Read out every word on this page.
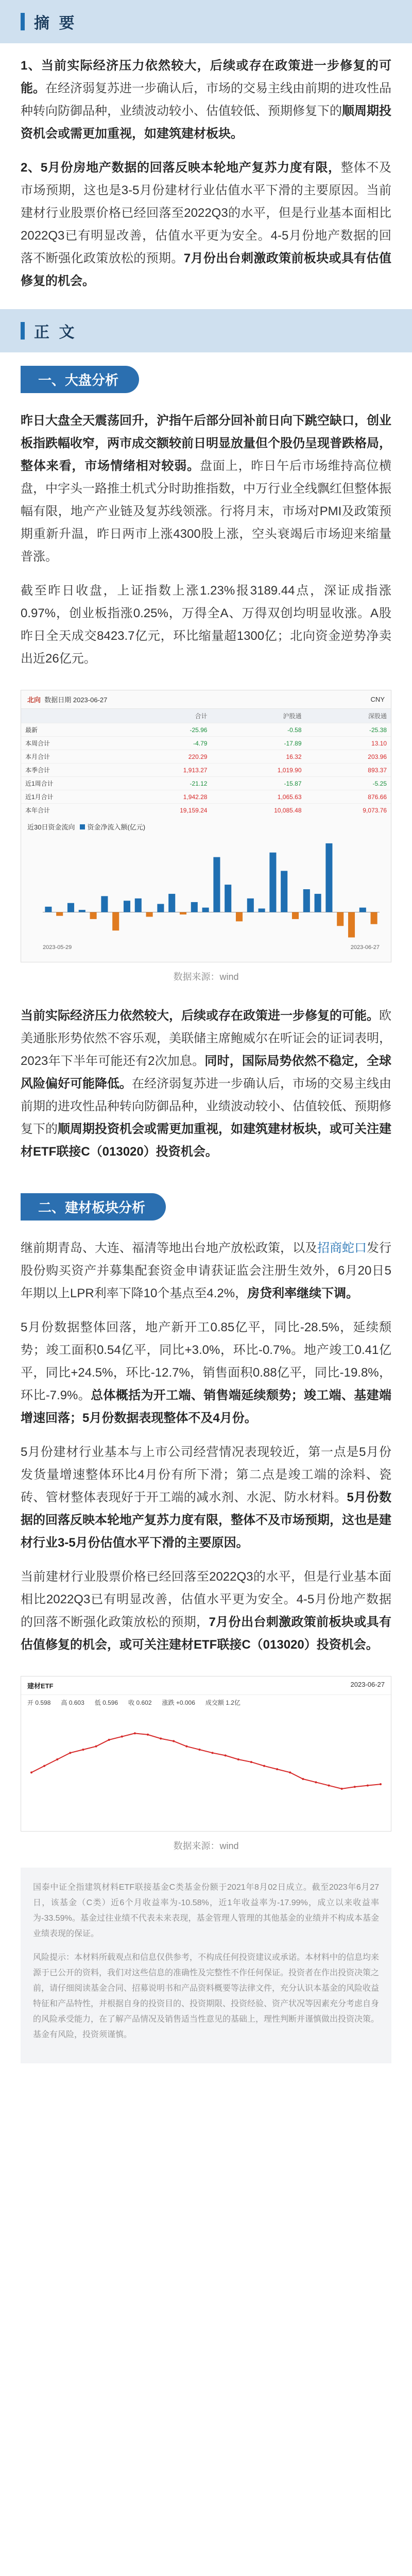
摘 要

1、当前实际经济压力依然较大，后续或存在政策进一步修复的可能。在经济弱复苏进一步确认后，市场的交易主线由前期的进攻性品种转向防御品种，业绩波动较小、估值较低、预期修复下的顺周期投资机会或需更加重视，如建筑建材板块。

2、5月份房地产数据的回落反映本轮地产复苏力度有限，整体不及市场预期，这也是3-5月份建材行业估值水平下滑的主要原因。当前建材行业股票价格已经回落至2022Q3的水平，但是行业基本面相比2022Q3已有明显改善，估值水平更为安全。4-5月份地产数据的回落不断强化政策放松的预期。7月份出台刺激政策前板块或具有估值修复的机会。

正 文
一、大盘分析

昨日大盘全天震荡回升，沪指午后部分回补前日向下跳空缺口，创业板指跌幅收窄，两市成交额较前日明显放量但个股仍呈现普跌格局，整体来看，市场情绪相对较弱。盘面上，昨日午后市场维持高位横盘，中字头一路推土机式分时助推指数，中万行业全线飘红但整体振幅有限，地产产业链及复苏线领涨。行将月末，市场对PMI及政策预期重新升温，昨日两市上涨4300股上涨，空头衰竭后市场迎来缩量普涨。

截至昨日收盘，上证指数上涨1.23%报3189.44点，深证成指涨0.97%，创业板指涨0.25%，万得全A、万得双创均明显收涨。A股昨日全天成交8423.7亿元，环比缩量超1300亿；北向资金逆势净卖出近26亿元。

北向 数据日期 2023-06-27	CNY
	合计	沪股通	深股通
最新	-25.96	-0.58	-25.38
本周合计	-4.79	-17.89	13.10
本月合计	220.29	16.32	203.96
本季合计	1,913.27	1,019.90	893.37
近1周合计	-21.12	-15.87	-5.25
近1月合计	1,942.28	1,065.63	876.66
本年合计	19,159.24	10,085.48	9,073.76
近30日资金流向	资金净流入额(亿元)
2023-05-29	2023-06-27
数据来源：wind

当前实际经济压力依然较大，后续或存在政策进一步修复的可能。欧美通胀形势依然不容乐观，美联储主席鲍威尔在听证会的证词表明，2023年下半年可能还有2次加息。同时，国际局势依然不稳定，全球风险偏好可能降低。在经济弱复苏进一步确认后，市场的交易主线由前期的进攻性品种转向防御品种，业绩波动较小、估值较低、预期修复下的顺周期投资机会或需更加重视，如建筑建材板块，或可关注建材ETF联接C（013020）投资机会。

二、建材板块分析

继前期青岛、大连、福清等地出台地产放松政策，以及招商蛇口发行股份购买资产并募集配套资金申请获证监会注册生效外，6月20日5年期以上LPR利率下降10个基点至4.2%，房贷利率继续下调。

5月份数据整体回落，地产新开工0.85亿平，同比-28.5%，延续颓势；竣工面积0.54亿平，同比+3.0%，环比-0.7%。地产竣工0.41亿平，同比+24.5%，环比-12.7%，销售面积0.88亿平，同比-19.8%，环比-7.9%。总体概括为开工端、销售端延续颓势；竣工端、基建端增速回落；5月份数据表现整体不及4月份。

5月份建材行业基本与上市公司经营情况表现较近，第一点是5月份发货量增速整体环比4月份有所下滑；第二点是竣工端的涂料、瓷砖、管材整体表现好于开工端的减水剂、水泥、防水材料。5月份数据的回落反映本轮地产复苏力度有限，整体不及市场预期，这也是建材行业3-5月份估值水平下滑的主要原因。

当前建材行业股票价格已经回落至2022Q3的水平，但是行业基本面相比2022Q3已有明显改善，估值水平更为安全。4-5月份地产数据的回落不断强化政策放松的预期，7月份出台刺激政策前板块或具有估值修复的机会，或可关注建材ETF联接C（013020）投资机会。

建材ETF	2023-06-27
开 0.598 高 0.603 低 0.596 收 0.602 涨跌 +0.006 成交额 1.2亿
数据来源：wind

国泰中证全指建筑材料ETF联接基金C类基金份额于2021年8月02日成立。截至2023年6月27日，该基金（C类）近6个月收益率为-10.58%，近1年收益率为-17.99%，成立以来收益率为-33.59%。基金过往业绩不代表未来表现，基金管理人管理的其他基金的业绩并不构成本基金业绩表现的保证。

风险提示：本材料所载观点和信息仅供参考，不构成任何投资建议或承诺。本材料中的信息均来源于已公开的资料，我们对这些信息的准确性及完整性不作任何保证。投资者在作出投资决策之前，请仔细阅读基金合同、招募说明书和产品资料概要等法律文件，充分认识本基金的风险收益特征和产品特性，并根据自身的投资目的、投资期限、投资经验、资产状况等因素充分考虑自身的风险承受能力，在了解产品情况及销售适当性意见的基础上，理性判断并谨慎做出投资决策。基金有风险，投资须谨慎。
